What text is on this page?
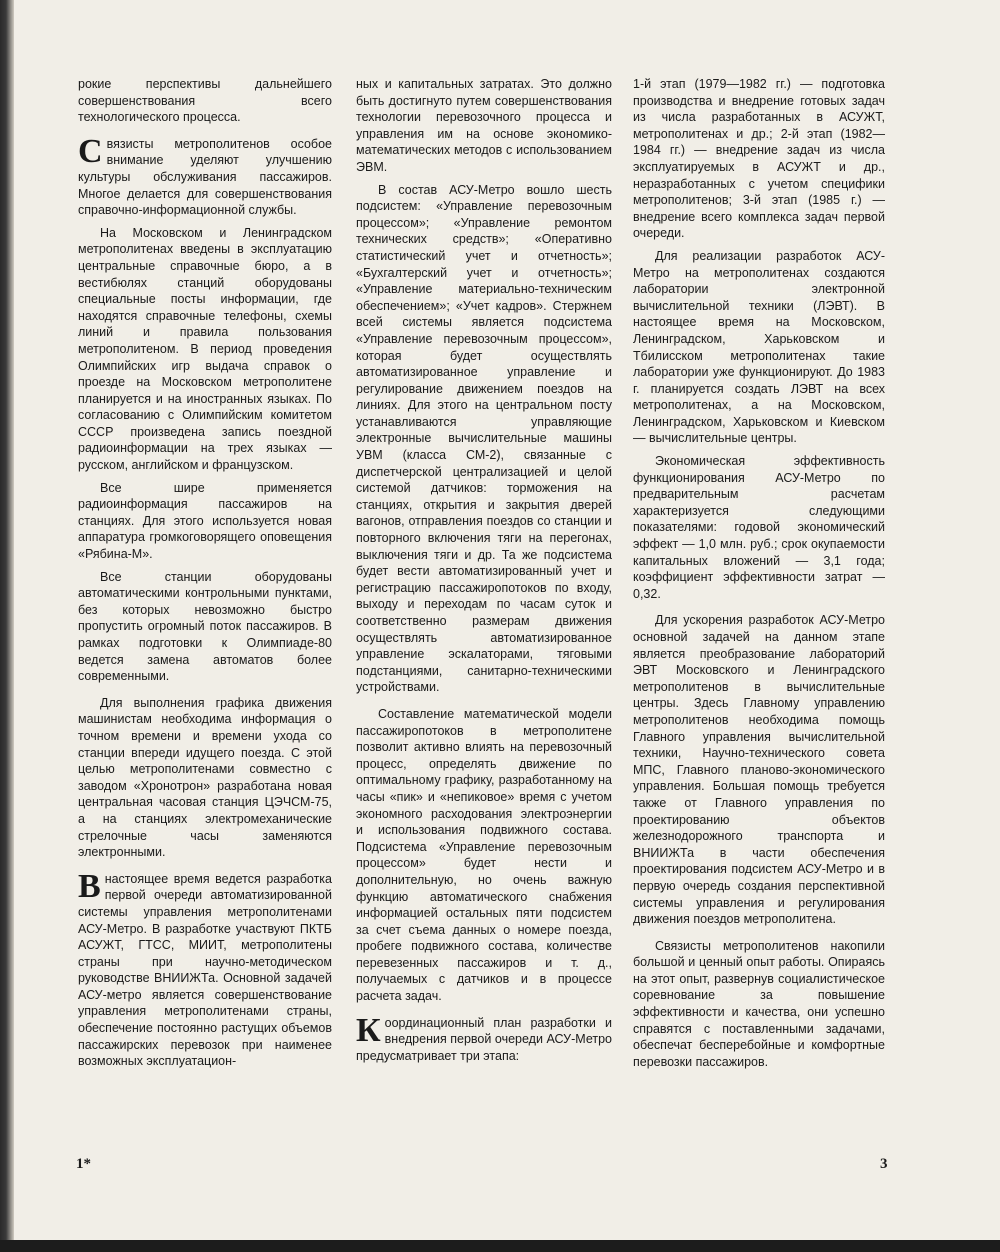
рокие перспективы дальнейшего совершенствования всего технологического процесса.

Связисты метрополитенов особое внимание уделяют улучшению культуры обслуживания пассажиров. Многое делается для совершенствования справочно-информационной службы.

На Московском и Ленинградском метрополитенах введены в эксплуатацию центральные справочные бюро, а в вестибюлях станций оборудованы специальные посты информации, где находятся справочные телефоны, схемы линий и правила пользования метрополитеном. В период проведения Олимпийских игр выдача справок о проезде на Московском метрополитене планируется и на иностранных языках. По согласованию с Олимпийским комитетом СССР произведена запись поездной радиоинформации на трех языках — русском, английском и французском.

Все шире применяется радиоинформация пассажиров на станциях. Для этого используется новая аппаратура громкоговорящего оповещения «Рябина-М».

Все станции оборудованы автоматическими контрольными пунктами, без которых невозможно быстро пропустить огромный поток пассажиров. В рамках подготовки к Олимпиаде-80 ведется замена автоматов более современными.

Для выполнения графика движения машинистам необходима информация о точном времени и времени ухода со станции впереди идущего поезда. С этой целью метрополитенами совместно с заводом «Хронотрон» разработана новая центральная часовая станция ЦЭЧСМ-75, а на станциях электромеханические стрелочные часы заменяются электронными.

Внастоящее время ведется разработка первой очереди автоматизированной системы управления метрополитенами АСУ-Метро. В разработке участвуют ПКТБ АСУЖТ, ГТСС, МИИТ, метрополитены страны при научно-методическом руководстве ВНИИЖТа. Основной задачей АСУ-метро является совершенствование управления метрополитенами страны, обеспечение постоянно растущих объемов пассажирских перевозок при наименее возможных эксплуатацион-

ных и капитальных затратах. Это должно быть достигнуто путем совершенствования технологии перевозочного процесса и управления им на основе экономико-математических методов с использованием ЭВМ.

В состав АСУ-Метро вошло шесть подсистем: «Управление перевозочным процессом»; «Управление ремонтом технических средств»; «Оперативно статистический учет и отчетность»; «Бухгалтерский учет и отчетность»; «Управление материально-техническим обеспечением»; «Учет кадров». Стержнем всей системы является подсистема «Управление перевозочным процессом», которая будет осуществлять автоматизированное управление и регулирование движением поездов на линиях. Для этого на центральном посту устанавливаются управляющие электронные вычислительные машины УВМ (класса СМ-2), связанные с диспетчерской централизацией и целой системой датчиков: торможения на станциях, открытия и закрытия дверей вагонов, отправления поездов со станции и повторного включения тяги на перегонах, выключения тяги и др. Та же подсистема будет вести автоматизированный учет и регистрацию пассажиропотоков по входу, выходу и переходам по часам суток и соответственно размерам движения осуществлять автоматизированное управление эскалаторами, тяговыми подстанциями, санитарно-техническими устройствами.

Составление математической модели пассажиропотоков в метрополитене позволит активно влиять на перевозочный процесс, определять движение по оптимальному графику, разработанному на часы «пик» и «непиковое» время с учетом экономного расходования электроэнергии и использования подвижного состава. Подсистема «Управление перевозочным процессом» будет нести и дополнительную, но очень важную функцию автоматического снабжения информацией остальных пяти подсистем за счет съема данных о номере поезда, пробеге подвижного состава, количестве перевезенных пассажиров и т. д., получаемых с датчиков и в процессе расчета задач.

Координационный план разработки и внедрения первой очереди АСУ-Метро предусматривает три этапа:

1-й этап (1979—1982 гг.) — подготовка производства и внедрение готовых задач из числа разработанных в АСУЖТ, метрополитенах и др.; 2-й этап (1982—1984 гг.) — внедрение задач из числа эксплуатируемых в АСУЖТ и др., неразработанных с учетом специфики метрополитенов; 3-й этап (1985 г.) — внедрение всего комплекса задач первой очереди.

Для реализации разработок АСУ-Метро на метрополитенах создаются лаборатории электронной вычислительной техники (ЛЭВТ). В настоящее время на Московском, Ленинградском, Харьковском и Тбилисском метрополитенах такие лаборатории уже функционируют. До 1983 г. планируется создать ЛЭВТ на всех метрополитенах, а на Московском, Ленинградском, Харьковском и Киевском — вычислительные центры.

Экономическая эффективность функционирования АСУ-Метро по предварительным расчетам характеризуется следующими показателями: годовой экономический эффект — 1,0 млн. руб.; срок окупаемости капитальных вложений — 3,1 года; коэффициент эффективности затрат — 0,32.

Для ускорения разработок АСУ-Метро основной задачей на данном этапе является преобразование лабораторий ЭВТ Московского и Ленинградского метрополитенов в вычислительные центры. Здесь Главному управлению метрополитенов необходима помощь Главного управления вычислительной техники, Научно-технического совета МПС, Главного планово-экономического управления. Большая помощь требуется также от Главного управления по проектированию объектов железнодорожного транспорта и ВНИИЖТа в части обеспечения проектирования подсистем АСУ-Метро и в первую очередь создания перспективной системы управления и регулирования движения поездов метрополитена.

Связисты метрополитенов накопили большой и ценный опыт работы. Опираясь на этот опыт, развернув социалистическое соревнование за повышение эффективности и качества, они успешно справятся с поставленными задачами, обеспечат бесперебойные и комфортные перевозки пассажиров.

1*	3
